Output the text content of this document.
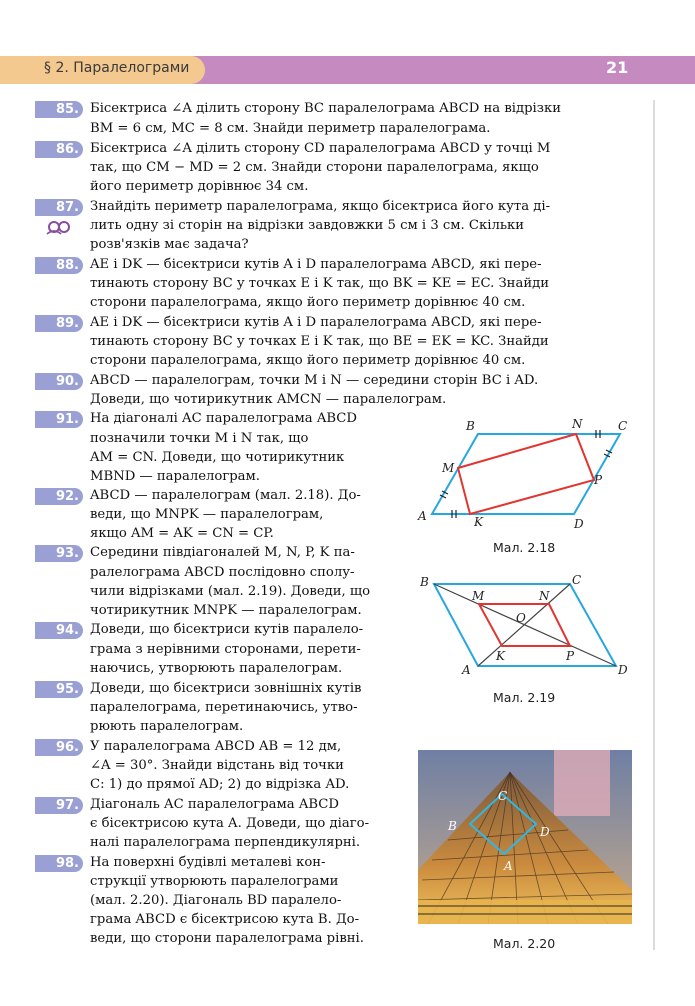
§ 2. Паралелограми	21
85. Бісектриса ∠A ділить сторону BC паралелограма ABCD на відрізки
BM = 6 см, MC = 8 см. Знайди периметр паралелограма.
86. Бісектриса ∠A ділить сторону CD паралелограма ABCD у точці M
так, що CM − MD = 2 см. Знайди сторони паралелограма, якщо
його периметр дорівнює 34 см.
87. Знайдіть периметр паралелограма, якщо бісектриса його кута ді-
лить одну зі сторін на відрізки завдовжки 5 см і 3 см. Скільки
розв'язків має задача?
88. AE і DK — бісектриси кутів A і D паралелограма ABCD, які пере-
тинають сторону BC у точках E і K так, що BK = KE = EC. Знайди
сторони паралелограма, якщо його периметр дорівнює 40 см.
89. AE і DK — бісектриси кутів A і D паралелограма ABCD, які пере-
тинають сторону BC у точках E і K так, що BE = EK = KC. Знайди
сторони паралелограма, якщо його периметр дорівнює 40 см.
90. ABCD — паралелограм, точки M і N — середини сторін BC і AD.
Доведи, що чотирикутник AMCN — паралелограм.
91. На діагоналі AC паралелограма ABCD
позначили точки M і N так, що
AM = CN. Доведи, що чотирикутник
MBND — паралелограм.
92. ABCD — паралелограм (мал. 2.18). До-
веди, що MNPK — паралелограм,
якщо AM = AK = CN = CP.
93. Середини півдіагоналей M, N, P, K па-
ралелограма ABCD послідовно сполу-
чили відрізками (мал. 2.19). Доведи, що
чотирикутник MNPK — паралелограм.
94. Доведи, що бісектриси кутів паралело-
грама з нерівними сторонами, перети-
наючись, утворюють паралелограм.
95. Доведи, що бісектриси зовнішніх кутів
паралелограма, перетинаючись, утво-
рюють паралелограм.
96. У паралелограма ABCD AB = 12 дм,
∠A = 30°. Знайди відстань від точки
C: 1) до прямої AD; 2) до відрізка AD.
97. Діагональ AC паралелограма ABCD
є бісектрисою кута A. Доведи, що діаго-
налі паралелограма перпендикулярні.
98. На поверхні будівлі металеві кон-
струкції утворюють паралелограми
(мал. 2.20). Діагональ BD паралело-
грама ABCD є бісектрисою кута B. До-
веди, що сторони паралелограма рівні.
A
B	C
D
M
N
P
K
Мал. 2.18
B	C
D
A
M	N
P
K
O
Мал. 2.19
C
B	D
A
Мал. 2.20
